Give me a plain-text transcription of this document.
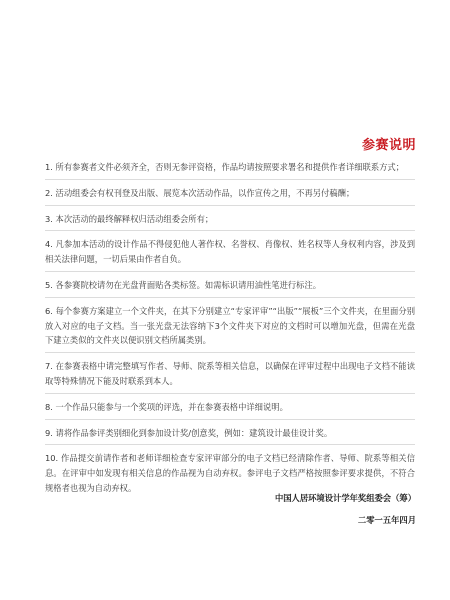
参赛说明
1. 所有参赛者文件必须齐全，否则无参评资格，作品均请按照要求署名和提供作者详细联系方式；
2. 活动组委会有权刊登及出版、展览本次活动作品，以作宣传之用，不再另付稿酬；
3. 本次活动的最终解释权归活动组委会所有；
4. 凡参加本活动的设计作品不得侵犯他人著作权、名誉权、肖像权、姓名权等人身权利内容，涉及到相关法律问题，一切后果由作者自负。
5. 各参赛院校请勿在光盘背面贴各类标签。如需标识请用油性笔进行标注。
6. 每个参赛方案建立一个文件夹，在其下分别建立“专家评审”“出版”“展板”三个文件夹，在里面分别放入对应的电子文档。当一张光盘无法容纳下3个文件夹下对应的文档时可以增加光盘，但需在光盘下建立类似的文件夹以便识别文档所属类别。
7. 在参赛表格中请完整填写作者、导师、院系等相关信息，以确保在评审过程中出现电子文档不能读取等特殊情况下能及时联系到本人。
8. 一个作品只能参与一个奖项的评选，并在参赛表格中详细说明。
9. 请将作品参评类别细化到参加设计奖/创意奖，例如：建筑设计最佳设计奖。
10. 作品提交前请作者和老师详细检查专家评审部分的电子文档已经清除作者、导师、院系等相关信息。在评审中如发现有相关信息的作品视为自动弃权。参评电子文档严格按照参评要求提供，不符合规格者也视为自动弃权。
中国人居环境设计学年奖组委会（筹）
二零一五年四月
